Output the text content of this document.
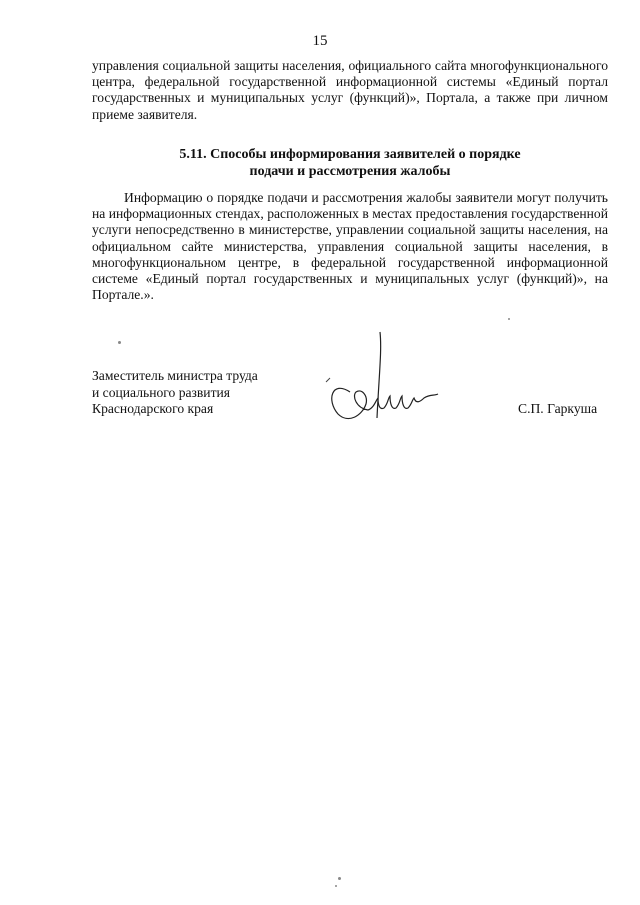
15

управления социальной защиты населения, официального сайта многофункционального центра, федеральной государственной информационной системы «Единый портал государственных и муниципальных услуг (функций)», Портала, а также при личном приеме заявителя.

5.11. Способы информирования заявителей о порядке
подачи и рассмотрения жалобы

Информацию о порядке подачи и рассмотрения жалобы заявители могут получить на информационных стендах, расположенных в местах предоставления государственной услуги непосредственно в министерстве, управлении социальной защиты населения, на официальном сайте министерства, управления социальной защиты населения, в многофункциональном центре, в федеральной государственной информационной системе «Единый портал государственных и муниципальных услуг (функций)», на Портале.».

Заместитель министра труда
и социального развития
Краснодарского края	С.П. Гаркуша
